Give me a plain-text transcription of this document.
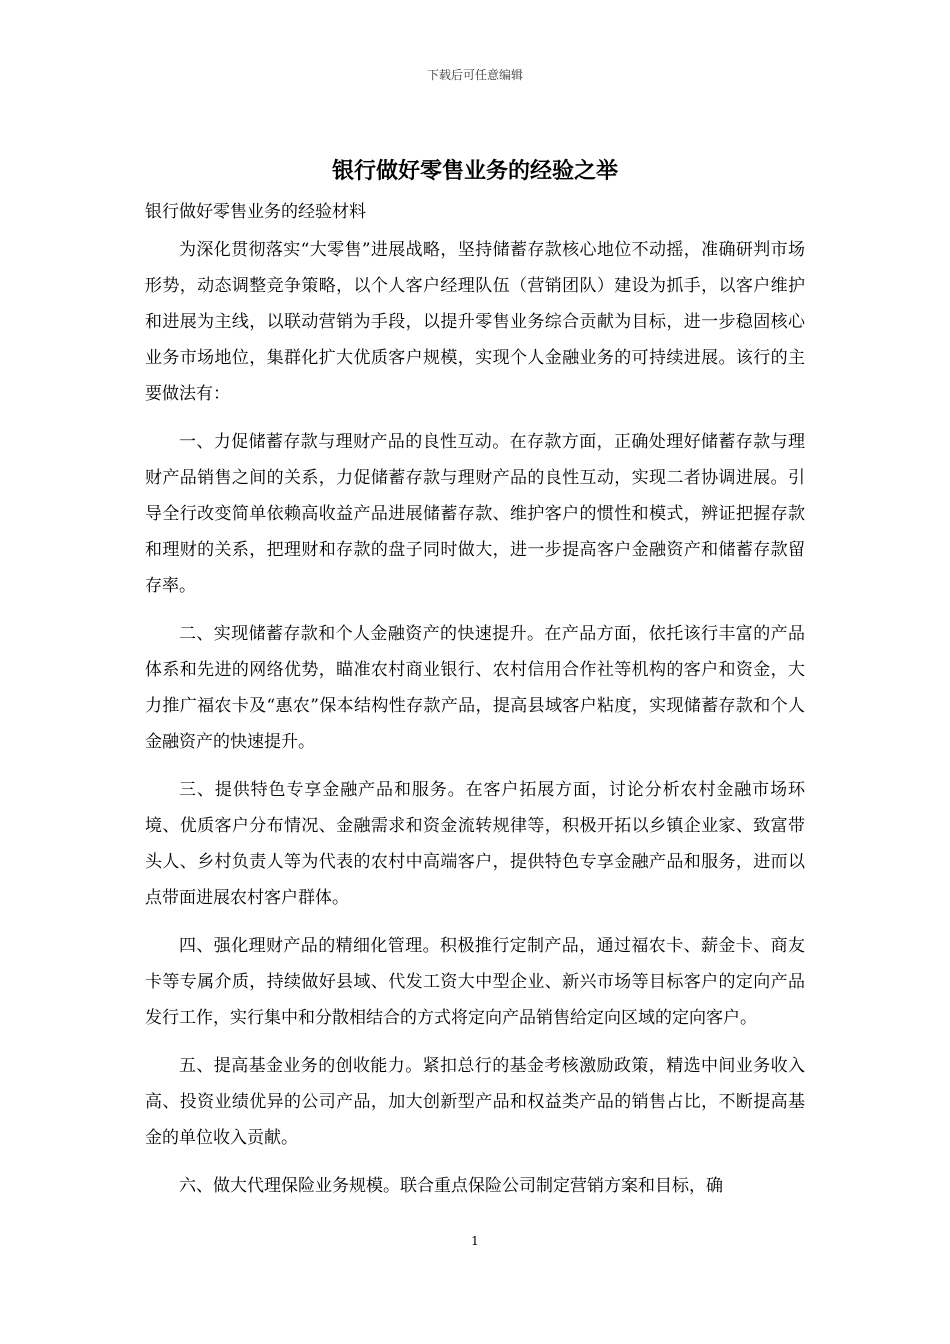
下载后可任意编辑
银行做好零售业务的经验之举

银行做好零售业务的经验材料

为深化贯彻落实“大零售”进展战略，坚持储蓄存款核心地位不动摇，准确研判市场形势，动态调整竞争策略，以个人客户经理队伍（营销团队）建设为抓手，以客户维护和进展为主线，以联动营销为手段，以提升零售业务综合贡献为目标，进一步稳固核心业务市场地位，集群化扩大优质客户规模，实现个人金融业务的可持续进展。该行的主要做法有：

一、力促储蓄存款与理财产品的良性互动。在存款方面，正确处理好储蓄存款与理财产品销售之间的关系，力促储蓄存款与理财产品的良性互动，实现二者协调进展。引导全行改变简单依赖高收益产品进展储蓄存款、维护客户的惯性和模式，辨证把握存款和理财的关系，把理财和存款的盘子同时做大，进一步提高客户金融资产和储蓄存款留存率。

二、实现储蓄存款和个人金融资产的快速提升。在产品方面，依托该行丰富的产品体系和先进的网络优势，瞄准农村商业银行、农村信用合作社等机构的客户和资金，大力推广福农卡及“惠农”保本结构性存款产品，提高县域客户粘度，实现储蓄存款和个人金融资产的快速提升。

三、提供特色专享金融产品和服务。在客户拓展方面，讨论分析农村金融市场环境、优质客户分布情况、金融需求和资金流转规律等，积极开拓以乡镇企业家、致富带头人、乡村负责人等为代表的农村中高端客户，提供特色专享金融产品和服务，进而以点带面进展农村客户群体。

四、强化理财产品的精细化管理。积极推行定制产品，通过福农卡、薪金卡、商友卡等专属介质，持续做好县域、代发工资大中型企业、新兴市场等目标客户的定向产品发行工作，实行集中和分散相结合的方式将定向产品销售给定向区域的定向客户。

五、提高基金业务的创收能力。紧扣总行的基金考核激励政策，精选中间业务收入高、投资业绩优异的公司产品，加大创新型产品和权益类产品的销售占比，不断提高基金的单位收入贡献。

六、做大代理保险业务规模。联合重点保险公司制定营销方案和目标，确

1
